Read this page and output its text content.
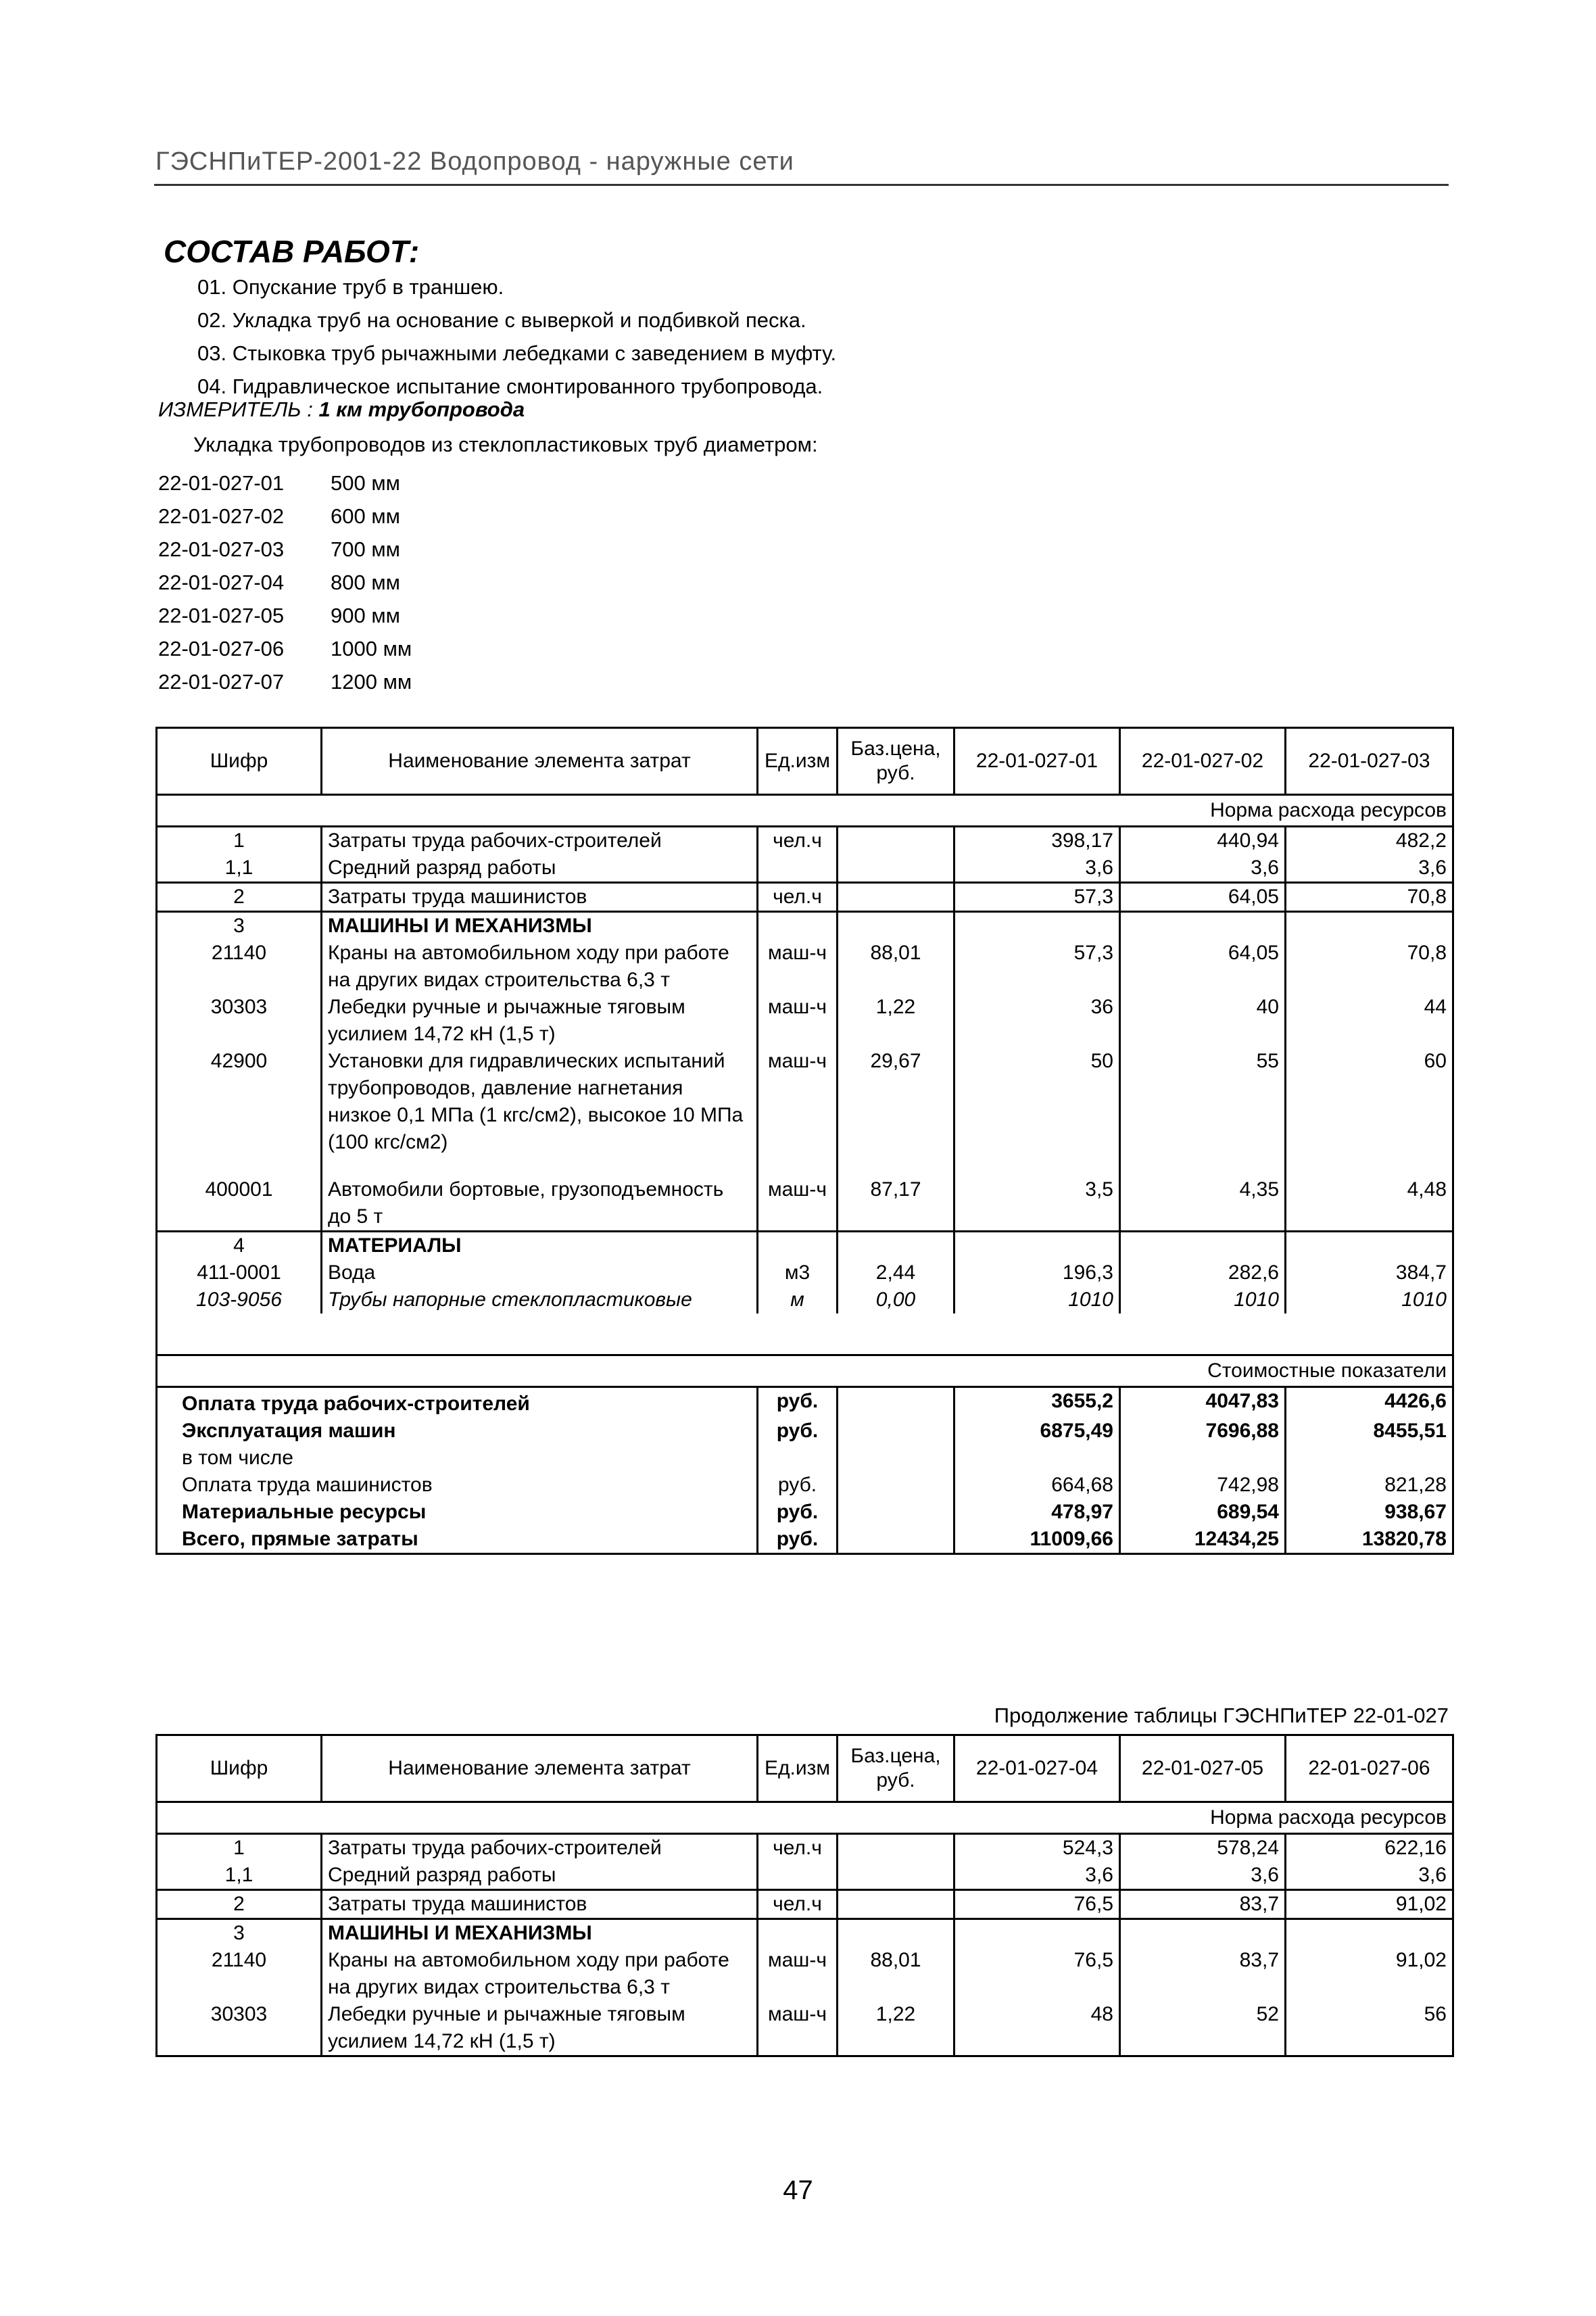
ГЭСНПиТЕР-2001-22 Водопровод - наружные сети
СОСТАВ РАБОТ:
01. Опускание труб в траншею.
02. Укладка труб на основание с выверкой и подбивкой песка.
03. Стыковка труб рычажными лебедками с заведением в муфту.
04. Гидравлическое испытание смонтированного трубопровода.
ИЗМЕРИТЕЛЬ : 1 км трубопровода
Укладка трубопроводов из стеклопластиковых труб диаметром:
22-01-027-01 500 мм
22-01-027-02 600 мм
22-01-027-03 700 мм
22-01-027-04 800 мм
22-01-027-05 900 мм
22-01-027-06 1000 мм
22-01-027-07 1200 мм
Шифр	Наименование элемента затрат	Ед.изм	Баз.цена, руб.	22-01-027-01	22-01-027-02	22-01-027-03
Норма расхода ресурсов						
1	Затраты труда рабочих-строителей	чел.ч		398,17	440,94	482,2
1,1	Средний разряд работы			3,6	3,6	3,6
2	Затраты труда машинистов	чел.ч		57,3	64,05	70,8
3	МАШИНЫ И МЕХАНИЗМЫ					
21140	Краны на автомобильном ходу при работе на других видах строительства 6,3 т	маш-ч	88,01	57,3	64,05	70,8
30303	Лебедки ручные и рычажные тяговым усилием 14,72 кН (1,5 т)	маш-ч	1,22	36	40	44
42900	Установки для гидравлических испытаний трубопроводов, давление нагнетания низкое 0,1 МПа (1 кгс/см2), высокое 10 МПа (100 кгс/см2)	маш-ч	29,67	50	55	60
400001	Автомобили бортовые, грузоподъемность до 5 т	маш-ч	87,17	3,5	4,35	4,48
4	МАТЕРИАЛЫ					
411-0001	Вода	м3	2,44	196,3	282,6	384,7
103-9056	Трубы напорные стеклопластиковые	м	0,00	1010	1010	1010

Стоимостные показатели						
Оплата труда рабочих-строителей		руб.		3655,2	4047,83	4426,6
Эксплуатация машин		руб.		6875,49	7696,88	8455,51
в том числе						
Оплата труда машинистов		руб.		664,68	742,98	821,28
Материальные ресурсы		руб.		478,97	689,54	938,67
Всего, прямые затраты		руб.		11009,66	12434,25	13820,78
Продолжение таблицы ГЭСНПиТЕР 22-01-027
Шифр	Наименование элемента затрат	Ед.изм	Баз.цена, руб.	22-01-027-04	22-01-027-05	22-01-027-06
Норма расхода ресурсов						
1	Затраты труда рабочих-строителей	чел.ч		524,3	578,24	622,16
1,1	Средний разряд работы			3,6	3,6	3,6
2	Затраты труда машинистов	чел.ч		76,5	83,7	91,02
3	МАШИНЫ И МЕХАНИЗМЫ					
21140	Краны на автомобильном ходу при работе на других видах строительства 6,3 т	маш-ч	88,01	76,5	83,7	91,02
30303	Лебедки ручные и рычажные тяговым усилием 14,72 кН (1,5 т)	маш-ч	1,22	48	52	56
47
